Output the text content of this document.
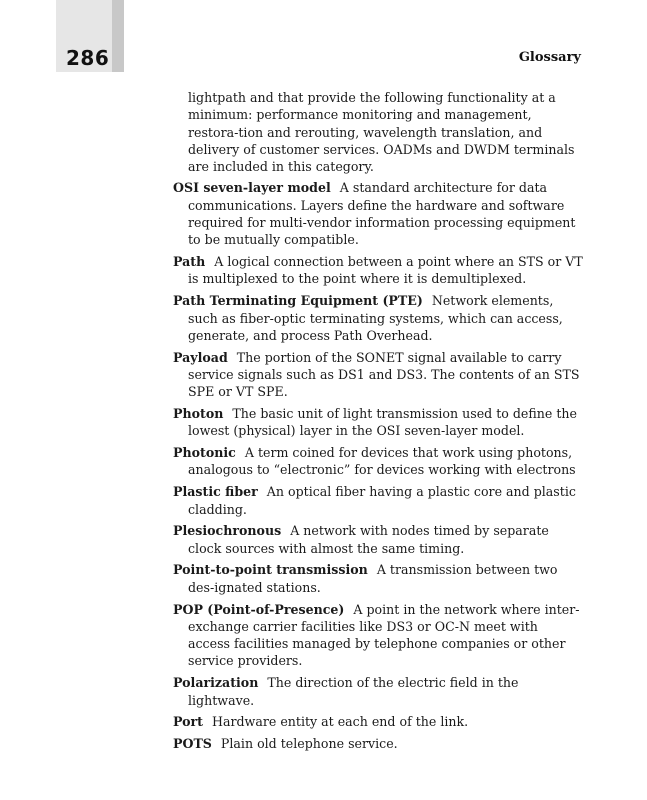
286	Glossary

lightpath and that provide the following functionality at a minimum: performance monitoring and management, restora-tion and rerouting, wavelength translation, and delivery of customer services. OADMs and DWDM terminals are included in this category.

OSI seven-layer model A standard architecture for data communications. Layers define the hardware and software required for multi-vendor information processing equipment to be mutually compatible.

Path A logical connection between a point where an STS or VT is multiplexed to the point where it is demultiplexed.

Path Terminating Equipment (PTE) Network elements, such as fiber-optic terminating systems, which can access, generate, and process Path Overhead.

Payload The portion of the SONET signal available to carry service signals such as DS1 and DS3. The contents of an STS SPE or VT SPE.

Photon The basic unit of light transmission used to define the lowest (physical) layer in the OSI seven-layer model.

Photonic A term coined for devices that work using photons, analogous to “electronic” for devices working with electrons

Plastic fiber An optical fiber having a plastic core and plastic cladding.

Plesiochronous A network with nodes timed by separate clock sources with almost the same timing.

Point-to-point transmission A transmission between two des-ignated stations.

POP (Point-of-Presence) A point in the network where inter-exchange carrier facilities like DS3 or OC-N meet with access facilities managed by telephone companies or other service providers.

Polarization The direction of the electric field in the lightwave.

Port Hardware entity at each end of the link.

POTS Plain old telephone service.
